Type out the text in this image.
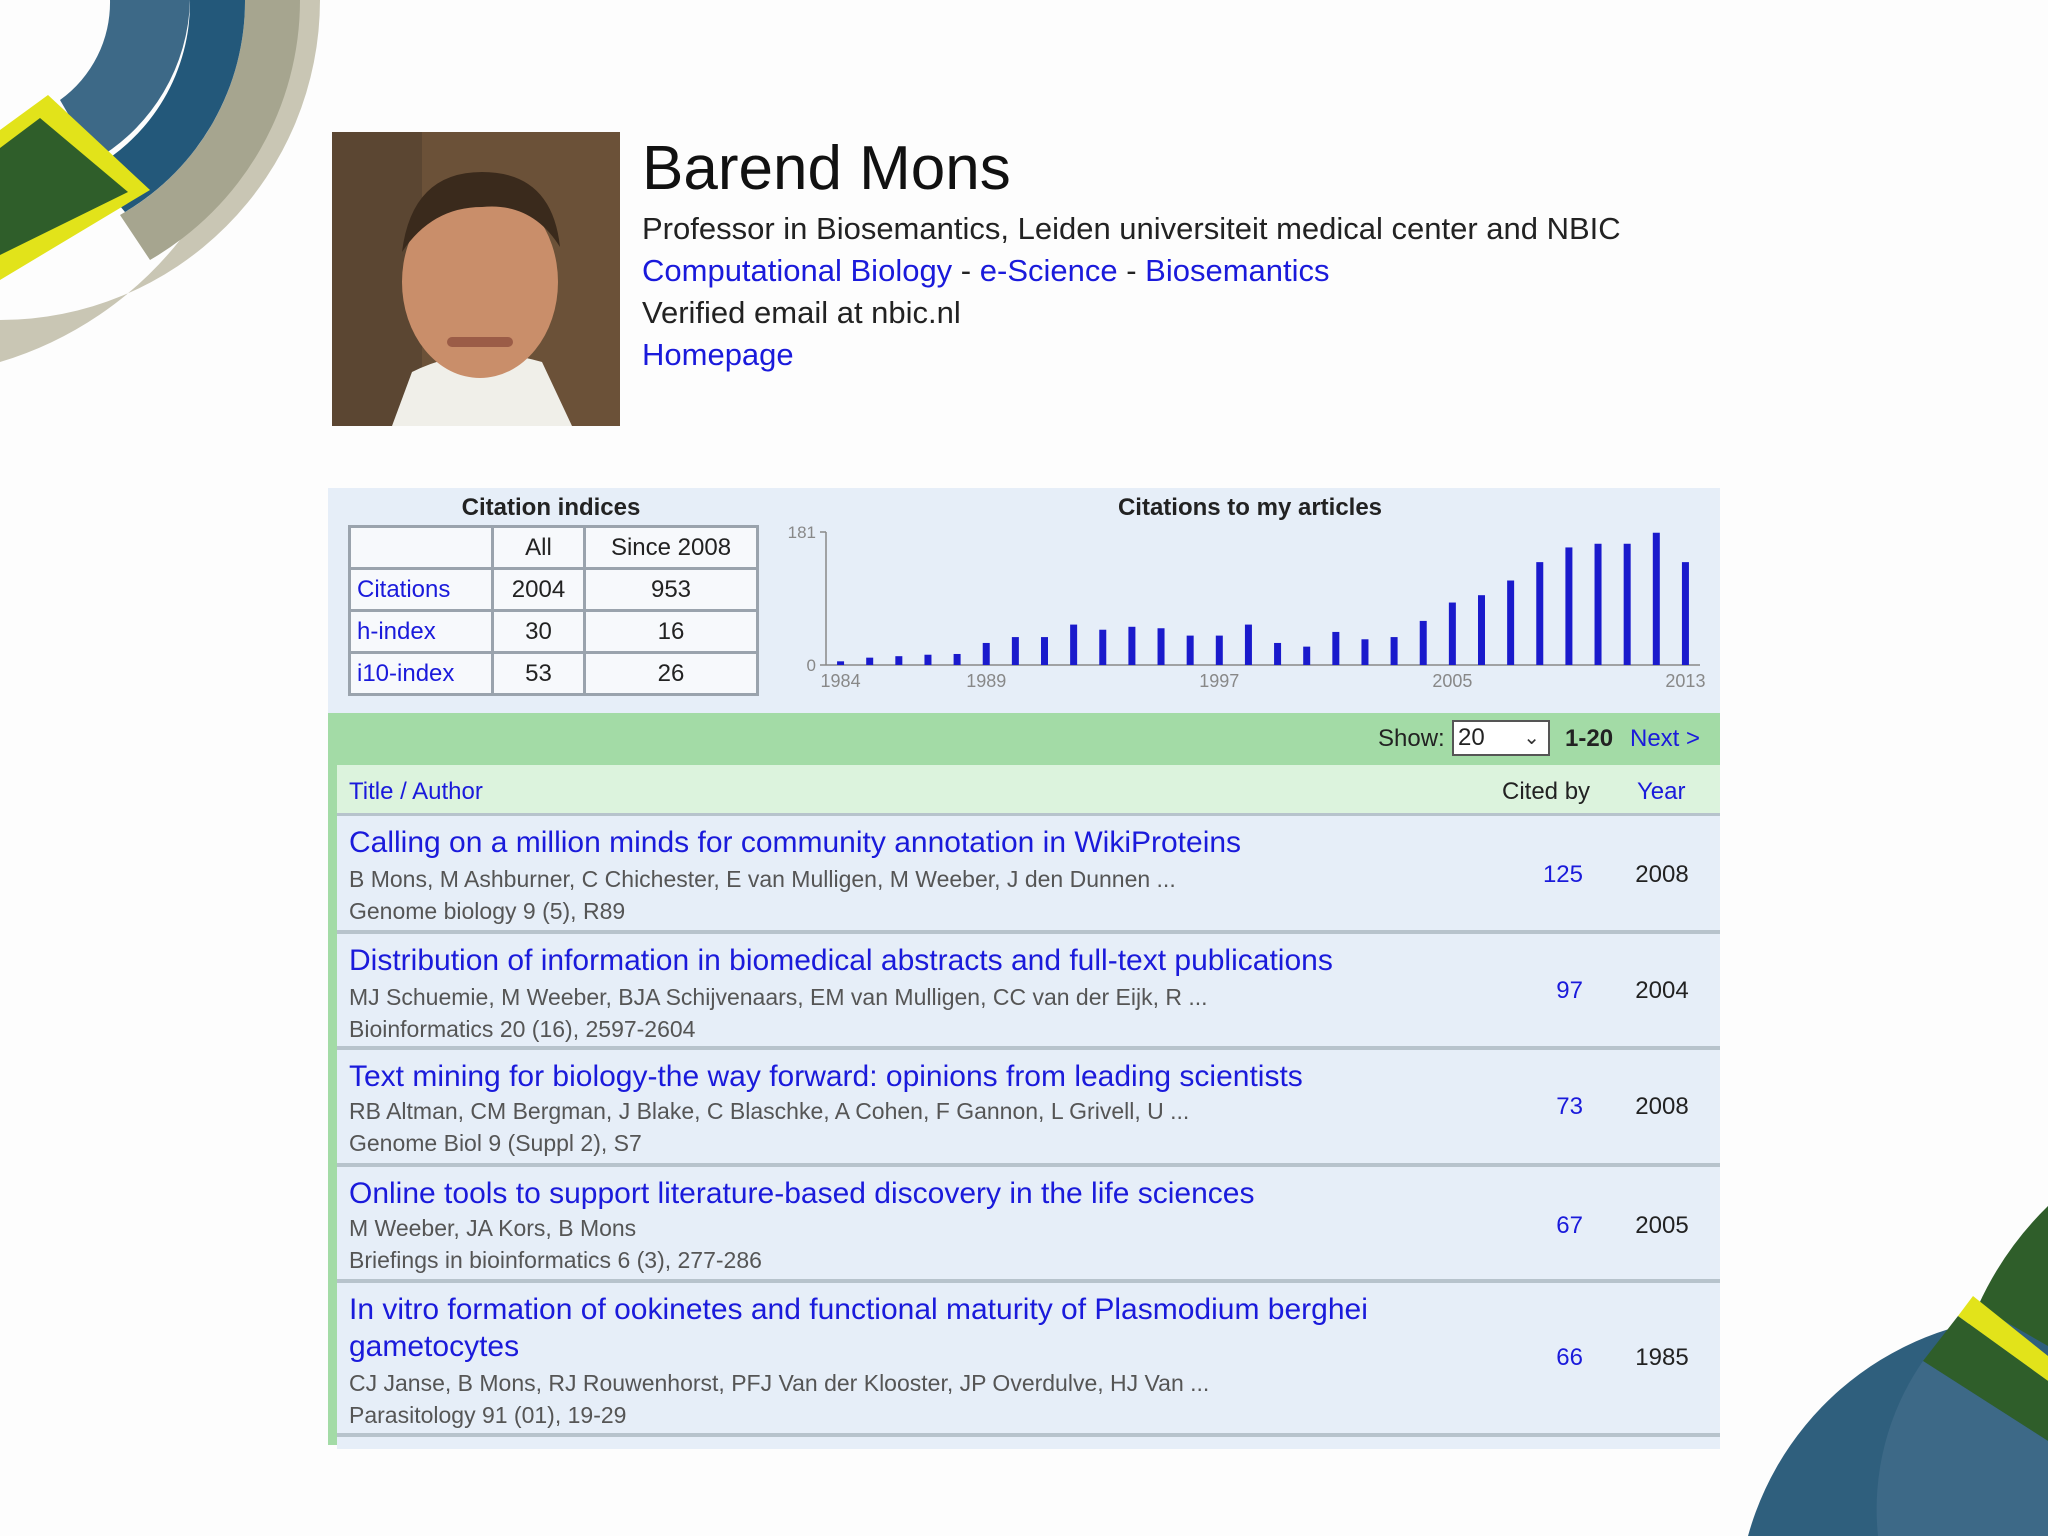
Barend Mons
Professor in Biosemantics, Leiden universiteit medical center and NBIC
Computational Biology - e-Science - Biosemantics
Verified email at nbic.nl
Homepage
Citation indices
	All	Since 2008
Citations	2004	953
h-index	30	16
i10-index	53	26
Citations to my articles
0
181
1984	1989	1997	2005	2013
Show: 20 ⌄ 1-20 Next >
Title / Author	Cited by Year
Calling on a million minds for community annotation in WikiProteins
B Mons, M Ashburner, C Chichester, E van Mulligen, M Weeber, J den Dunnen ...
Genome biology 9 (5), R89
125	2008
Distribution of information in biomedical abstracts and full-text publications
MJ Schuemie, M Weeber, BJA Schijvenaars, EM van Mulligen, CC van der Eijk, R ...
Bioinformatics 20 (16), 2597-2604
97	2004
Text mining for biology-the way forward: opinions from leading scientists
RB Altman, CM Bergman, J Blake, C Blaschke, A Cohen, F Gannon, L Grivell, U ...
Genome Biol 9 (Suppl 2), S7
73	2008
Online tools to support literature-based discovery in the life sciences
M Weeber, JA Kors, B Mons
Briefings in bioinformatics 6 (3), 277-286
67	2005
In vitro formation of ookinetes and functional maturity of Plasmodium berghei gametocytes
CJ Janse, B Mons, RJ Rouwenhorst, PFJ Van der Klooster, JP Overdulve, HJ Van ...
Parasitology 91 (01), 19-29
66	1985
